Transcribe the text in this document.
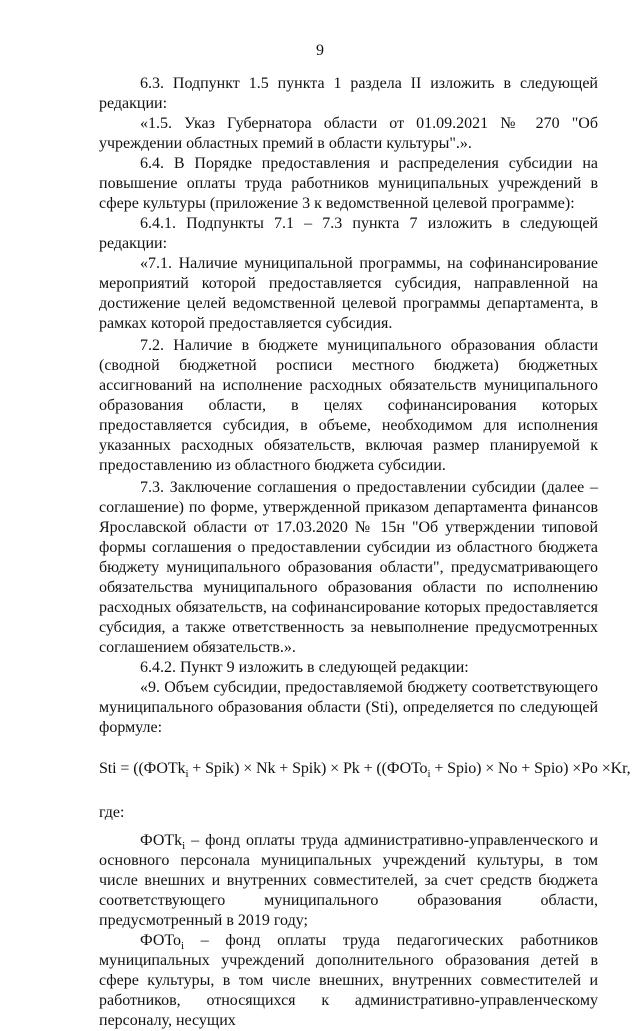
9

6.3. Подпункт 1.5 пункта 1 раздела II изложить в следующей редакции:

«1.5. Указ Губернатора области от 01.09.2021 № 270 "Об учреждении областных премий в области культуры".».

6.4. В Порядке предоставления и распределения субсидии на повышение оплаты труда работников муниципальных учреждений в сфере культуры (приложение 3 к ведомственной целевой программе):

6.4.1. Подпункты 7.1 – 7.3 пункта 7 изложить в следующей редакции:

«7.1. Наличие муниципальной программы, на софинансирование мероприятий которой предоставляется субсидия, направленной на достижение целей ведомственной целевой программы департамента, в рамках которой предоставляется субсидия.

7.2. Наличие в бюджете муниципального образования области (сводной бюджетной росписи местного бюджета) бюджетных ассигнований на исполнение расходных обязательств муниципального образования области, в целях софинансирования которых предоставляется субсидия, в объеме, необходимом для исполнения указанных расходных обязательств, включая размер планируемой к предоставлению из областного бюджета субсидии.

7.3. Заключение соглашения о предоставлении субсидии (далее – соглашение) по форме, утвержденной приказом департамента финансов Ярославской области от 17.03.2020 № 15н "Об утверждении типовой формы соглашения о предоставлении субсидии из областного бюджета бюджету муниципального образования области", предусматривающего обязательства муниципального образования области по исполнению расходных обязательств, на софинансирование которых предоставляется субсидия, а также ответственность за невыполнение предусмотренных соглашением обязательств.».

6.4.2. Пункт 9 изложить в следующей редакции:

«9. Объем субсидии, предоставляемой бюджету соответствующего муниципального образования области (Sti), определяется по следующей формуле:

Sti = ((ФОТk$_i$ + Spik) × Nk + Spik) × Pk + ((ФОТо$_i$ + Spio) × No + Spio) ×Po ×Kr,

где:

ФОТk$_i$ – фонд оплаты труда административно-управленческого и основного персонала муниципальных учреждений культуры, в том числе внешних и внутренних совместителей, за счет средств бюджета соответствующего муниципального образования области, предусмотренный в 2019 году;

ФОТо$_i$ – фонд оплаты труда педагогических работников муниципальных учреждений дополнительного образования детей в сфере культуры, в том числе внешних, внутренних совместителей и работников, относящихся к административно-управленческому персоналу, несущих
